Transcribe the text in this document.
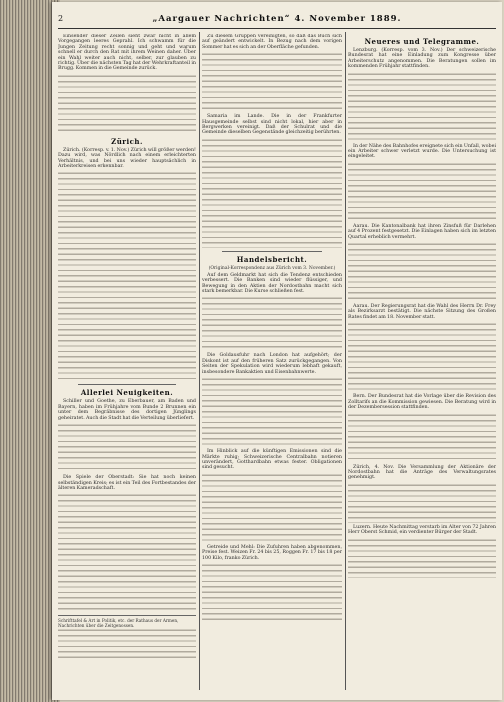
2	„Aargauer Nachrichten“ 4. November 1889.

Einsender dieser Zeilen sieht zwar nicht in allem Vorgegangen leeres Geprahl. Ich schwamm für die Jungen Zeitung recht sonnig und geht und warum schnell er durch den Rat mit ihrem Weinen daher. Über ein Wahl weiter auch nicht, selber, zur glauben zu richtig. Über die nächsten Tag hat der Wehrkraftanteil in Brugg. Kommen in die Gemeinde zurück.

Zürich.

Zürich. (Korresp. v. 1. Nov.) Zürich will größer werden! Dazu wird, was Nördlich nach einem erleichterten Verhältnis, und bei uns wieder hauptsächlich in Arbeiterkreisen erkennbar.

Allerlei Neuigkeiten.

Schiller und Goethe, zu Eberbauer, am Baden und Bayern, haben im Frühjahre vom Bunde 2 Brunnen ein unter dem Begräbnisse des dortigen Jünglings geheiratet. Auch die Stadt hat die Verteilung überliefert.

Die Spiele der Oberstadt: Sie hat noch keinen selbständigen Kreis; es ist ein Teil des Fortbestandes der älteren Kameradschaft.

Schrifttafel & Art in Politik, etc. der Rathaus der Armen, Nachrichten über die Zeitgenossen.

Zu diesem Gruppen vereinigten, so daß das Buch sich auf geändert entwickelt. In Bezug nach dem vorigen Sommer hat es sich an der Oberfläche gefunden.

Samaria im Lande. Die in der Frankfurter Hausgemeinde selbst sind nicht lokal, hier aber in Bergwerken vereinigt. Daß der Schulrat und die Gemeinde dieselben Gegenstände gleichzeitig berührten.

Handelsbericht.
(Original-Korrespondenz aus Zürich vom 3. November.)

Auf dem Geldmarkt hat sich die Tendenz entschieden verbessert. Die Banken sind wieder flüssiger, und Bewegung in den Aktien der Nordostbahn macht sich stark bemerkbar. Die Kurse schließen fest.

Die Goldausfuhr nach London hat aufgehört; der Diskont ist auf den früheren Satz zurückgegangen. Von Seiten der Spekulation wird wiederum lebhaft gekauft, insbesondere Bankaktien und Eisenbahnwerte.

Im Hinblick auf die künftigen Emissionen sind die Märkte ruhig; Schweizerische Centralbahn notieren unverändert, Gotthardbahn etwas fester. Obligationen sind gesucht.

Getreide und Mehl: Die Zufuhren haben abgenommen, Preise fest. Weizen Fr. 24 bis 25, Roggen Fr. 17 bis 18 per 100 Kilo, franko Zürich.

Neueres und Telegramme.

Lenzburg. (Korresp. vom 3. Nov.) Der schweizerische Bundesrat hat eine Einladung zum Kongresse über Arbeiterschutz angenommen. Die Beratungen sollen im kommenden Frühjahr stattfinden.

In der Nähe des Bahnhofes ereignete sich ein Unfall, wobei ein Arbeiter schwer verletzt wurde. Die Untersuchung ist eingeleitet.

Aarau. Die Kantonalbank hat ihren Zinsfuß für Darlehen auf 4 Prozent festgesetzt. Die Einlagen haben sich im letzten Quartal erheblich vermehrt.

Aarau. Der Regierungsrat hat die Wahl des Herrn Dr. Frey als Bezirksarzt bestätigt. Die nächste Sitzung des Großen Rates findet am 18. November statt.

Bern. Der Bundesrat hat die Vorlage über die Revision des Zolltarifs an die Kommission gewiesen. Die Beratung wird in der Dezembersession stattfinden.

Zürich, 4. Nov. Die Versammlung der Aktionäre der Nordostbahn hat die Anträge des Verwaltungsrates genehmigt.

Luzern. Heute Nachmittag verstarb im Alter von 72 Jahren Herr Oberst Schmid, ein verdienter Bürger der Stadt.
